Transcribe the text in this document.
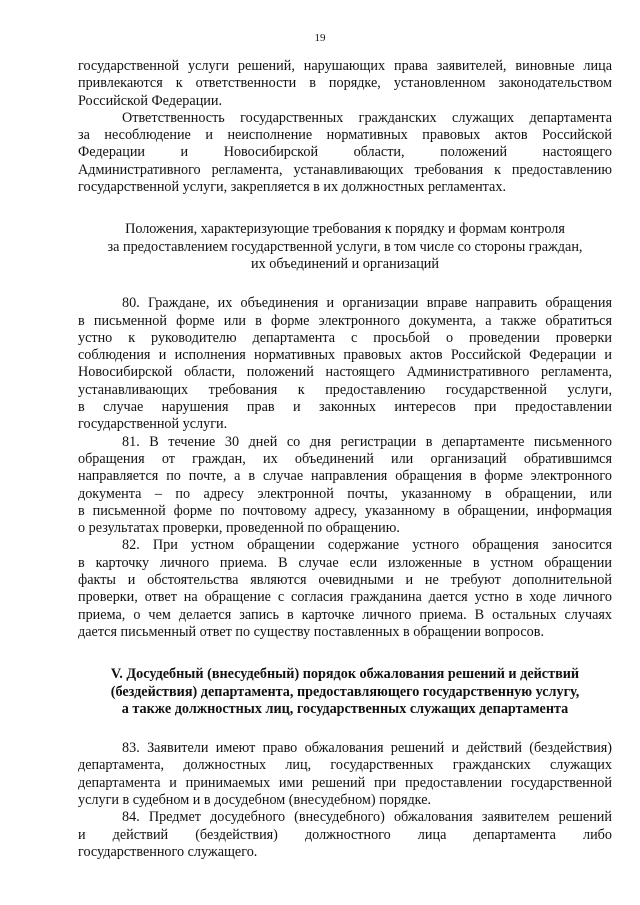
19
государственной услуги решений, нарушающих права заявителей, виновные лица
привлекаются к ответственности в порядке, установленном законодательством
Российской Федерации.
Ответственность государственных гражданских служащих департамента
за несоблюдение и неисполнение нормативных правовых актов Российской
Федерации и Новосибирской области, положений настоящего
Административного регламента, устанавливающих требования к предоставлению
государственной услуги, закрепляется в их должностных регламентах.
Положения, характеризующие требования к порядку и формам контроля
за предоставлением государственной услуги, в том числе со стороны граждан,
их объединений и организаций
80. Граждане, их объединения и организации вправе направить обращения
в письменной форме или в форме электронного документа, а также обратиться
устно к руководителю департамента с просьбой о проведении проверки
соблюдения и исполнения нормативных правовых актов Российской Федерации и
Новосибирской области, положений настоящего Административного регламента,
устанавливающих требования к предоставлению государственной услуги,
в случае нарушения прав и законных интересов при предоставлении
государственной услуги.
81. В течение 30 дней со дня регистрации в департаменте письменного
обращения от граждан, их объединений или организаций обратившимся
направляется по почте, а в случае направления обращения в форме электронного
документа – по адресу электронной почты, указанному в обращении, или
в письменной форме по почтовому адресу, указанному в обращении, информация
о результатах проверки, проведенной по обращению.
82. При устном обращении содержание устного обращения заносится
в карточку личного приема. В случае если изложенные в устном обращении
факты и обстоятельства являются очевидными и не требуют дополнительной
проверки, ответ на обращение с согласия гражданина дается устно в ходе личного
приема, о чем делается запись в карточке личного приема. В остальных случаях
дается письменный ответ по существу поставленных в обращении вопросов.
V. Досудебный (внесудебный) порядок обжалования решений и действий
(бездействия) департамента, предоставляющего государственную услугу,
а также должностных лиц, государственных служащих департамента
83. Заявители имеют право обжалования решений и действий (бездействия)
департамента, должностных лиц, государственных гражданских служащих
департамента и принимаемых ими решений при предоставлении государственной
услуги в судебном и в досудебном (внесудебном) порядке.
84. Предмет досудебного (внесудебного) обжалования заявителем решений
и действий (бездействия) должностного лица департамента либо
государственного служащего.
